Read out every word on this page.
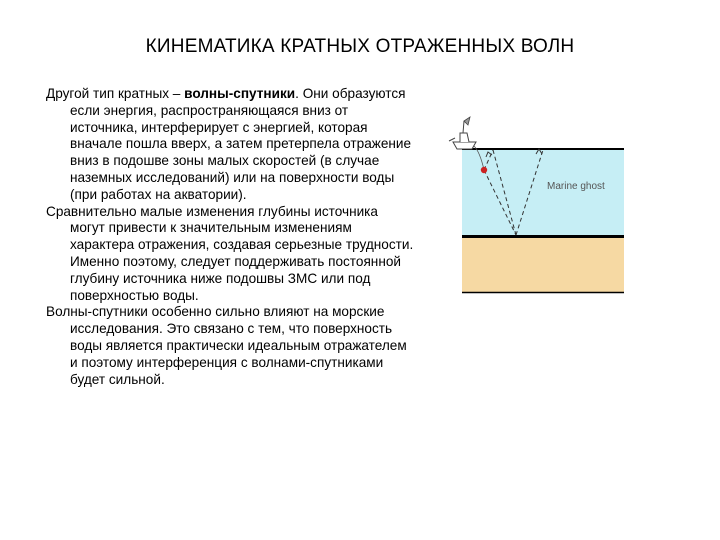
КИНЕМАТИКА КРАТНЫХ ОТРАЖЕННЫХ ВОЛН

Другой тип кратных – волны-спутники. Они образуются если энергия, распространяющаяся вниз от источника, интерферирует с энергией, которая вначале пошла вверх, а затем претерпела отражение вниз в подошве зоны малых скоростей (в случае наземных исследований) или на поверхности воды (при работах на акватории).

Сравнительно малые изменения глубины источника могут привести к значительным изменениям характера отражения, создавая серьезные трудности. Именно поэтому, следует поддерживать постоянной глубину источника ниже подошвы ЗМС или под поверхностью воды.

Волны-спутники особенно сильно влияют на морские исследования. Это связано с тем, что поверхность воды является практически идеальным отражателем и поэтому интерференция с волнами-спутниками будет сильной.

Marine ghost
